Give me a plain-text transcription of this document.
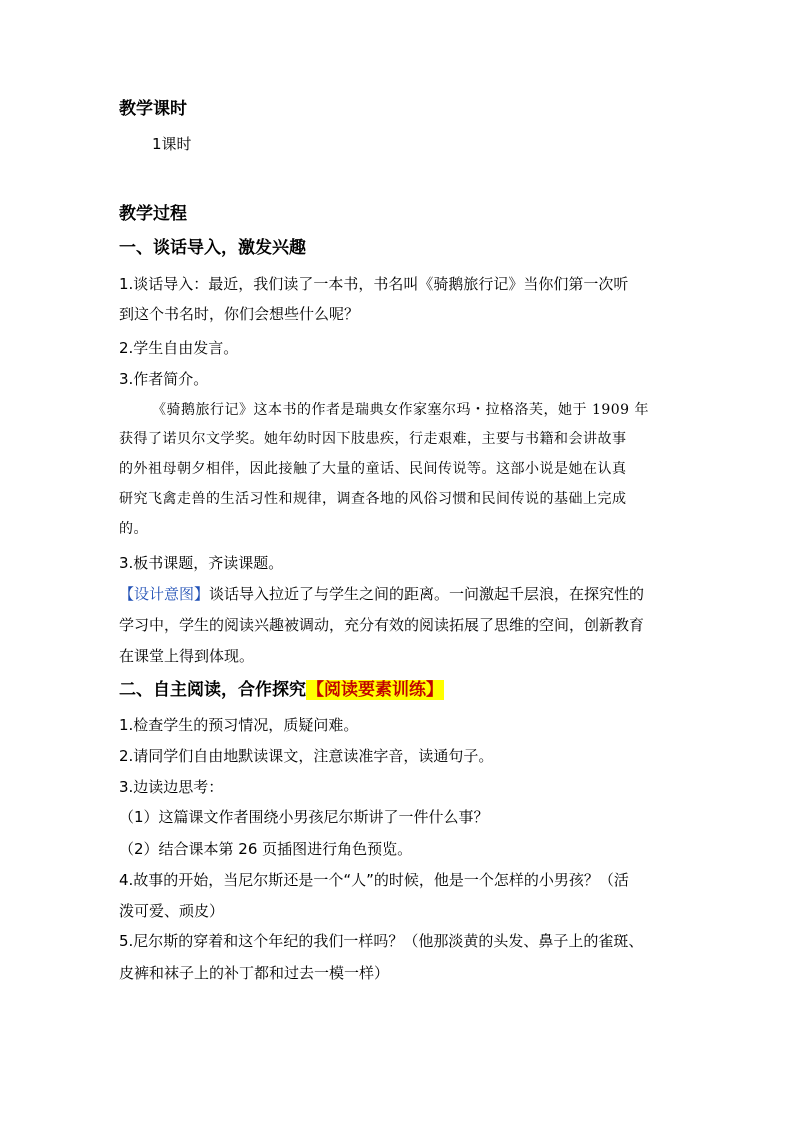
教学课时
1课时
教学过程
一、谈话导入，激发兴趣
1.谈话导入：最近，我们读了一本书，书名叫《骑鹅旅行记》当你们第一次听
到这个书名时，你们会想些什么呢？
2.学生自由发言。
3.作者简介。
《骑鹅旅行记》这本书的作者是瑞典女作家塞尔玛・拉格洛芙，她于 1909 年
获得了诺贝尔文学奖。她年幼时因下肢患疾，行走艰难，主要与书籍和会讲故事
的外祖母朝夕相伴，因此接触了大量的童话、民间传说等。这部小说是她在认真
研究飞禽走兽的生活习性和规律，调查各地的风俗习惯和民间传说的基础上完成
的。
3.板书课题，齐读课题。
【设计意图】谈话导入拉近了与学生之间的距离。一问激起千层浪，在探究性的
学习中，学生的阅读兴趣被调动，充分有效的阅读拓展了思维的空间，创新教育
在课堂上得到体现。
二、自主阅读，合作探究【阅读要素训练】
1.检查学生的预习情况，质疑问难。
2.请同学们自由地默读课文，注意读准字音，读通句子。
3.边读边思考：
（1）这篇课文作者围绕小男孩尼尔斯讲了一件什么事？
（2）结合课本第 26 页插图进行角色预览。
4.故事的开始，当尼尔斯还是一个“人”的时候，他是一个怎样的小男孩？（活
泼可爱、顽皮）
5.尼尔斯的穿着和这个年纪的我们一样吗？（他那淡黄的头发、鼻子上的雀斑、
皮裤和袜子上的补丁都和过去一模一样）
